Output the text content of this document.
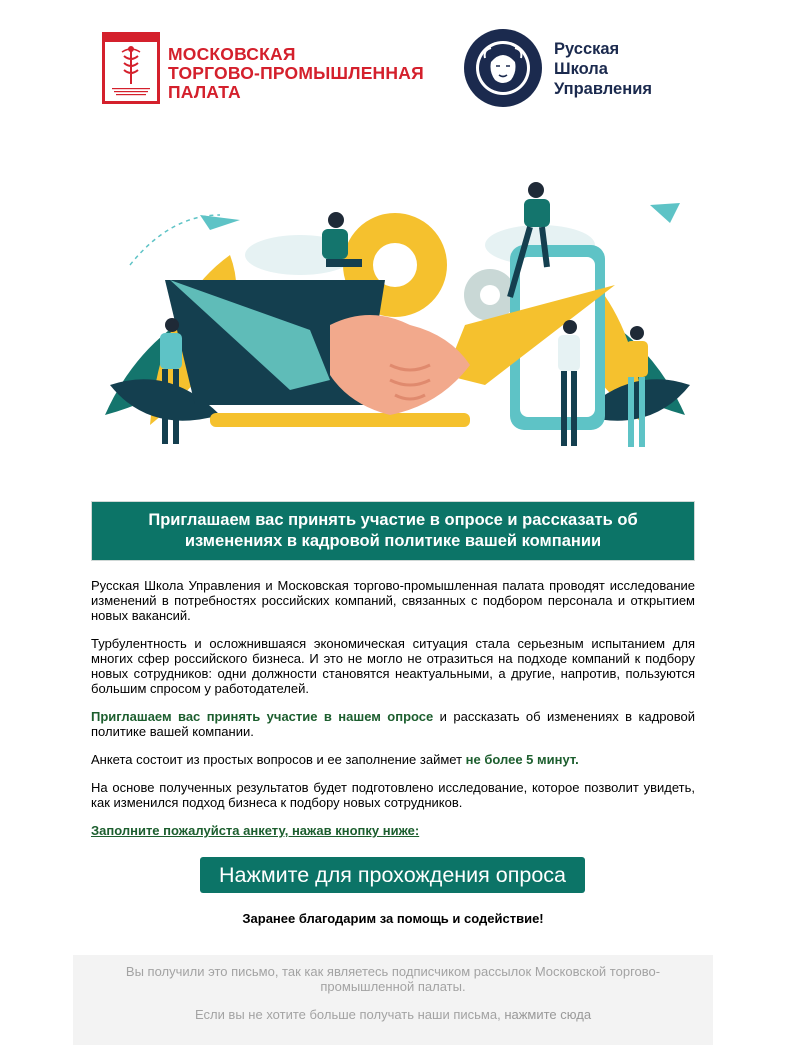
МОСКОВСКАЯ
ТОРГОВО-ПРОМЫШЛЕННАЯ
ПАЛАТА
Русская
Школа
Управления
Приглашаем вас принять участие в опросе и рассказать об изменениях в кадровой политике вашей компании

Русская Школа Управления и Московская торгово-промышленная палата проводят исследование изменений в потребностях российских компаний, связанных с подбором персонала и открытием новых вакансий.

Турбулентность и осложнившаяся экономическая ситуация стала серьезным испытанием для многих сфер российского бизнеса. И это не могло не отразиться на подходе компаний к подбору новых сотрудников: одни должности становятся неактуальными, а другие, напротив, пользуются большим спросом у работодателей.

Приглашаем вас принять участие в нашем опросе и рассказать об изменениях в кадровой политике вашей компании.

Анкета состоит из простых вопросов и ее заполнение займет не более 5 минут.

На основе полученных результатов будет подготовлено исследование, которое позволит увидеть, как изменился подход бизнеса к подбору новых сотрудников.

Заполните пожалуйста анкету, нажав кнопку ниже:

Нажмите для прохождения опроса
Заранее благодарим за помощь и содействие!

Вы получили это письмо, так как являетесь подписчиком рассылок Московской торгово-промышленной палаты.

Если вы не хотите больше получать наши письма, нажмите сюда
